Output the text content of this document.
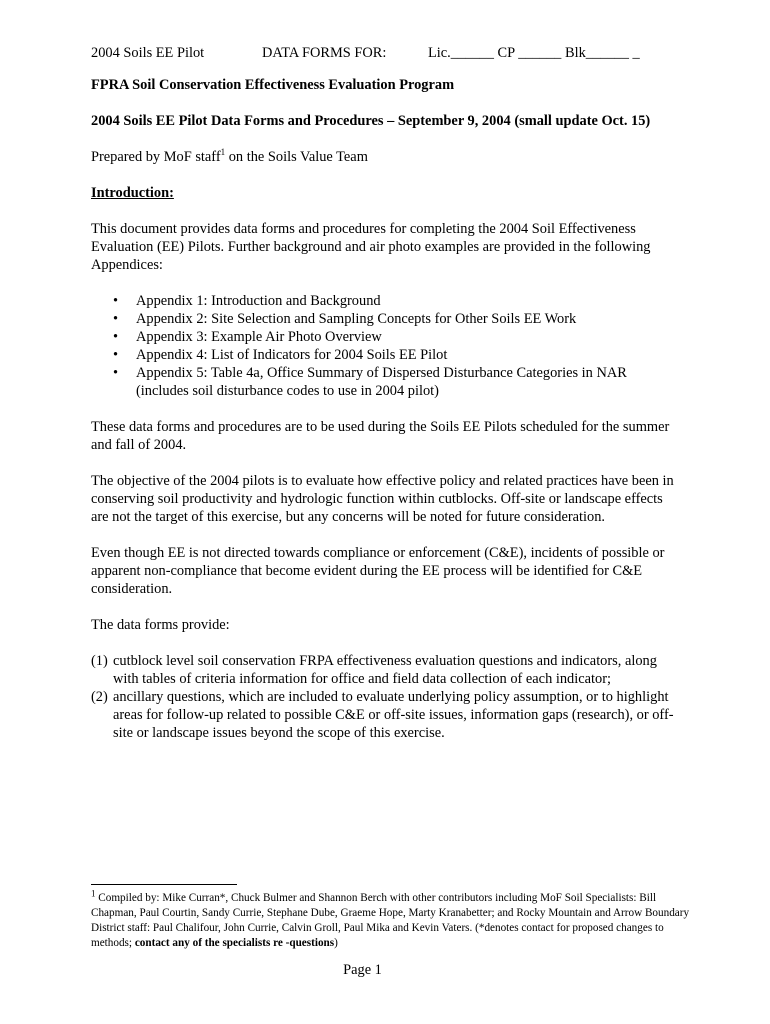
2004 Soils EE Pilot	DATA FORMS FOR:	Lic.______ CP ______ Blk______ _
FPRA Soil Conservation Effectiveness Evaluation Program
2004 Soils EE Pilot Data Forms and Procedures – September 9, 2004 (small update Oct. 15)
Prepared by MoF staff$^1$ on the Soils Value Team
Introduction:

This document provides data forms and procedures for completing the 2004 Soil Effectiveness Evaluation (EE) Pilots. Further background and air photo examples are provided in the following Appendices:

• Appendix 1: Introduction and Background
• Appendix 2: Site Selection and Sampling Concepts for Other Soils EE Work
• Appendix 3: Example Air Photo Overview
• Appendix 4: List of Indicators for 2004 Soils EE Pilot
• Appendix 5: Table 4a, Office Summary of Dispersed Disturbance Categories in NAR
(includes soil disturbance codes to use in 2004 pilot)

These data forms and procedures are to be used during the Soils EE Pilots scheduled for the summer and fall of 2004.

The objective of the 2004 pilots is to evaluate how effective policy and related practices have been in conserving soil productivity and hydrologic function within cutblocks. Off-site or landscape effects are not the target of this exercise, but any concerns will be noted for future consideration.

Even though EE is not directed towards compliance or enforcement (C&E), incidents of possible or apparent non-compliance that become evident during the EE process will be identified for C&E consideration.

The data forms provide:

(1) cutblock level soil conservation FRPA effectiveness evaluation questions and indicators, along with tables of criteria information for office and field data collection of each indicator;
(2) ancillary questions, which are included to evaluate underlying policy assumption, or to highlight areas for follow-up related to possible C&E or off-site issues, information gaps (research), or off-site or landscape issues beyond the scope of this exercise.
$^1$ Compiled by: Mike Curran*, Chuck Bulmer and Shannon Berch with other contributors including MoF Soil Specialists: Bill Chapman, Paul Courtin, Sandy Currie, Stephane Dube, Graeme Hope, Marty Kranabetter; and Rocky Mountain and Arrow Boundary District staff: Paul Chalifour, John Currie, Calvin Groll, Paul Mika and Kevin Vaters. (*denotes contact for proposed changes to methods; contact any of the specialists re -questions)
Page 1
